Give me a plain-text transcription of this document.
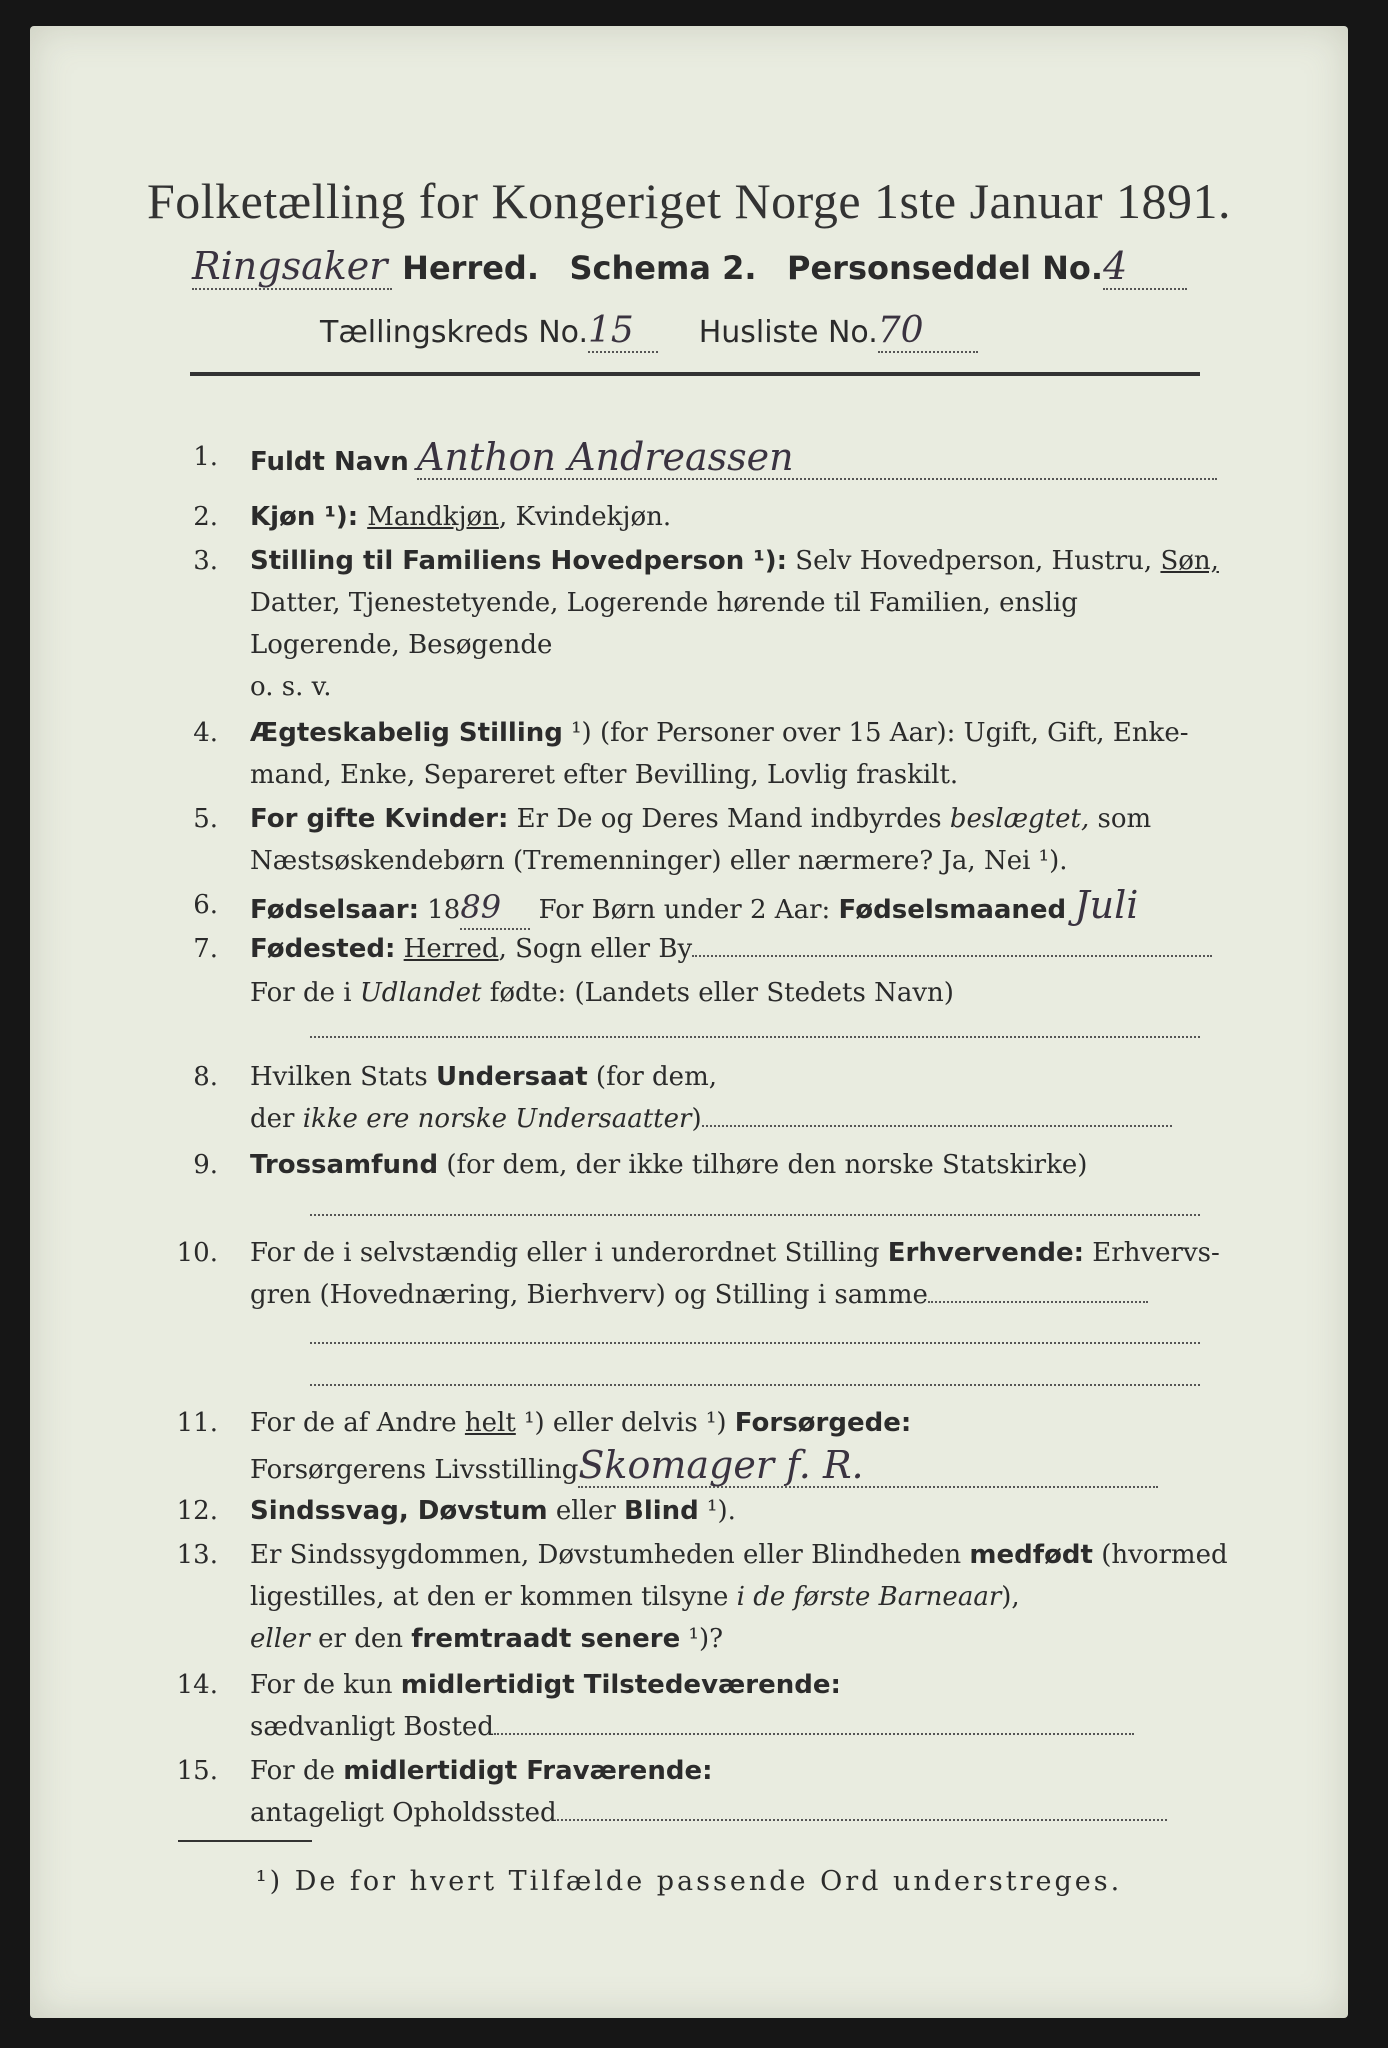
Folketælling for Kongeriget Norge 1ste Januar 1891.
Ringsaker Herred. Schema 2. Personseddel No.4
Tællingskreds No.15 Husliste No.70
1. Fuldt Navn Anthon Andreassen
2. Kjøn ¹): Mandkjøn, Kvindekjøn.
3. Stilling til Familiens Hovedperson ¹): Selv Hovedperson, Hustru, Søn,
Datter, Tjenestetyende, Logerende hørende til Familien, enslig
Logerende, Besøgende
o. s. v.
4. Ægteskabelig Stilling ¹) (for Personer over 15 Aar): Ugift, Gift, Enke-
mand, Enke, Separeret efter Bevilling, Lovlig fraskilt.
5. For gifte Kvinder: Er De og Deres Mand indbyrdes beslægtet, som
Næstsøskendebørn (Tremenninger) eller nærmere? Ja, Nei ¹).
6. Fødselsaar: 1889 For Børn under 2 Aar: Fødselsmaaned Juli
7. Fødested: Herred, Sogn eller By
For de i Udlandet fødte: (Landets eller Stedets Navn)
8. Hvilken Stats Undersaat (for dem,
der ikke ere norske Undersaatter)
9. Trossamfund (for dem, der ikke tilhøre den norske Statskirke)
10. For de i selvstændig eller i underordnet Stilling Erhvervende: Erhvervs-
gren (Hovednæring, Bierhverv) og Stilling i samme
11. For de af Andre helt ¹) eller delvis ¹) Forsørgede:
Forsørgerens LivsstillingSkomager f. R.
12. Sindssvag, Døvstum eller Blind ¹).
13. Er Sindssygdommen, Døvstumheden eller Blindheden medfødt (hvormed
ligestilles, at den er kommen tilsyne i de første Barneaar),
eller er den fremtraadt senere ¹)?
14. For de kun midlertidigt Tilstedeværende:
sædvanligt Bosted
15. For de midlertidigt Fraværende:
antageligt Opholdssted
¹) De for hvert Tilfælde passende Ord understreges.
